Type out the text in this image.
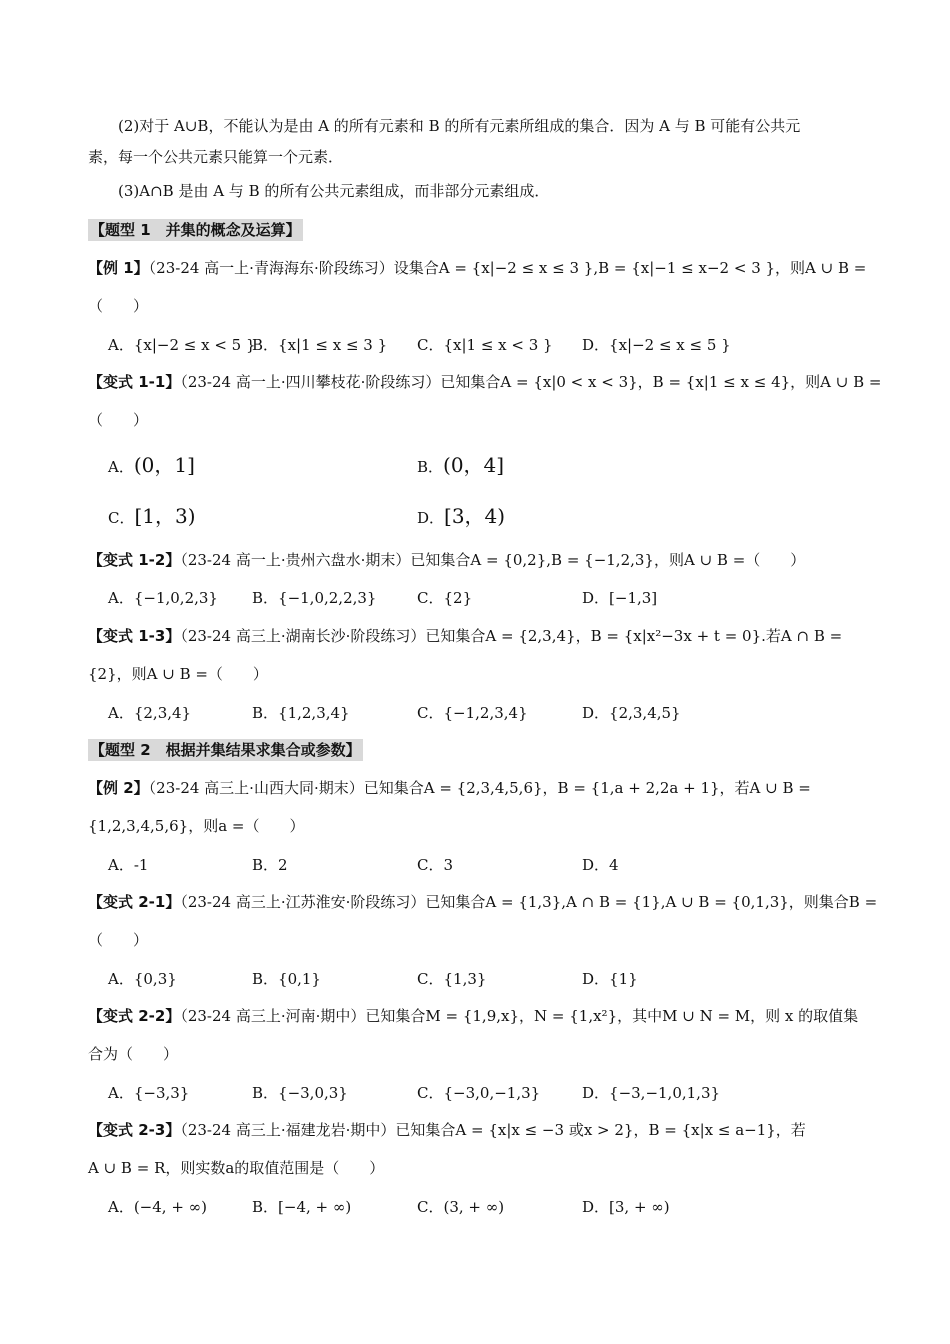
(2)对于 A∪B，不能认为是由 A 的所有元素和 B 的所有元素所组成的集合．因为 A 与 B 可能有公共元
素，每一个公共元素只能算一个元素．
(3)A∩B 是由 A 与 B 的所有公共元素组成，而非部分元素组成．
【题型 1　并集的概念及运算】
【例 1】（23-24 高一上·青海海东·阶段练习）设集合A = {x|−2 ≤ x ≤ 3 },B = {x|−1 ≤ x−2 < 3 }，则A ∪ B =
（　　）
A．{x|−2 ≤ x < 5 }
B．{x|1 ≤ x ≤ 3 } C．{x|1 ≤ x < 3 } D．{x|−2 ≤ x ≤ 5 }
【变式 1-1】（23-24 高一上·四川攀枝花·阶段练习）已知集合A = {x|0 < x < 3}，B = {x|1 ≤ x ≤ 4}，则A ∪ B =
（　　）
A．(0，1]	B．(0，4]
C．[1，3)	D．[3，4)
【变式 1-2】（23-24 高一上·贵州六盘水·期末）已知集合A = {0,2},B = {−1,2,3}，则A ∪ B =（　　）
A．{−1,0,2,3} B．{−1,0,2,2,3}	C．{2}	D．[−1,3]
【变式 1-3】（23-24 高三上·湖南长沙·阶段练习）已知集合A = {2,3,4}，B = {x|x²−3x + t = 0}.若A ∩ B =
{2}，则A ∪ B =（　　）
A．{2,3,4}	B．{1,2,3,4}	C．{−1,2,3,4}	D．{2,3,4,5}
【题型 2　根据并集结果求集合或参数】
【例 2】（23-24 高三上·山西大同·期末）已知集合A = {2,3,4,5,6}，B = {1,a + 2,2a + 1}，若A ∪ B =
{1,2,3,4,5,6}，则a =（　　）
A．-1	B．2	C．3	D．4
【变式 2-1】（23-24 高三上·江苏淮安·阶段练习）已知集合A = {1,3},A ∩ B = {1},A ∪ B = {0,1,3}，则集合B =
（　　）
A．{0,3}	B．{0,1}	C．{1,3}	D．{1}
【变式 2-2】（23-24 高三上·河南·期中）已知集合M = {1,9,x}，N = {1,x²}，其中M ∪ N = M，则 x 的取值集
合为（　　）
A．{−3,3}	B．{−3,0,3}	C．{−3,0,−1,3}	D．{−3,−1,0,1,3}
【变式 2-3】（23-24 高三上·福建龙岩·期中）已知集合A = {x|x ≤ −3 或x > 2}，B = {x|x ≤ a−1}，若
A ∪ B = R，则实数a的取值范围是（　　）
A．(−4, + ∞)	B．[−4, + ∞)	C．(3, + ∞)	D．[3, + ∞)
